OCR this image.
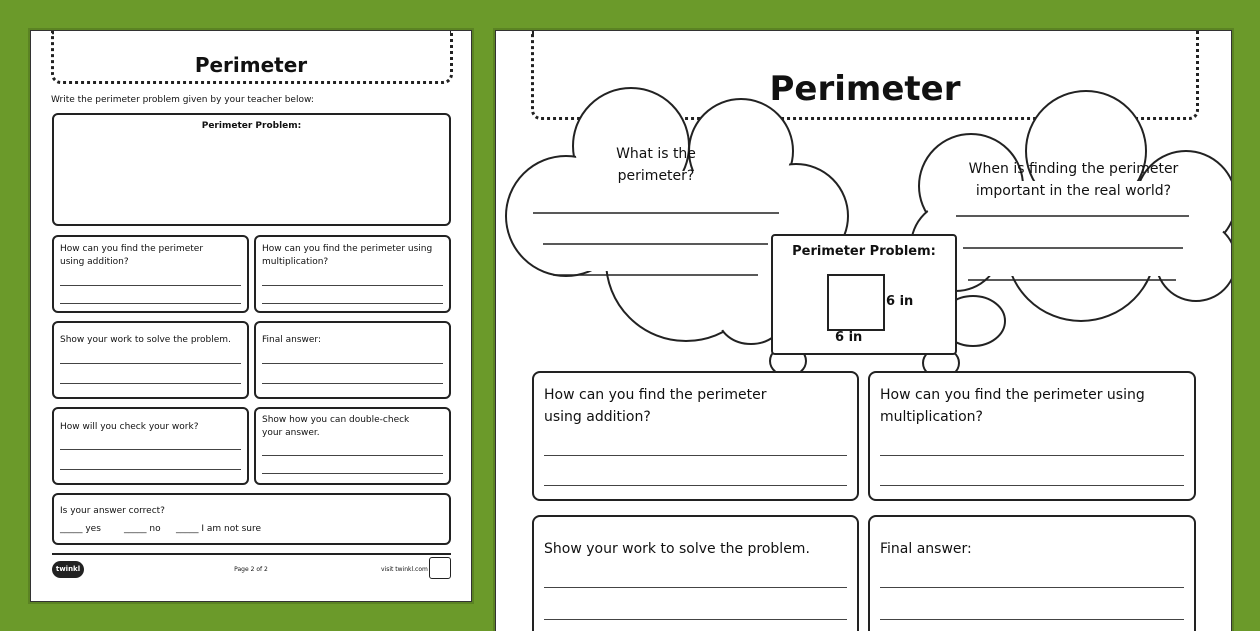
Perimeter
Write the perimeter problem given by your teacher below:
Perimeter Problem:
How can you find the perimeter
using addition?
How can you find the perimeter using
multiplication?
Show your work to solve the problem.	Final answer:
How will you check your work?
Show how you can double-check
your answer.
Is your answer correct?
_____ yes	_____ no _____ I am not sure
twinkl	Page 2 of 2	visit twinkl.com
Perimeter
What is the
perimeter?	When is finding the perimeter
important in the real world?
Perimeter Problem:
6 in
6 in
How can you find the perimeter
using addition?
How can you find the perimeter using
multiplication?
Show your work to solve the problem.	Final answer:
